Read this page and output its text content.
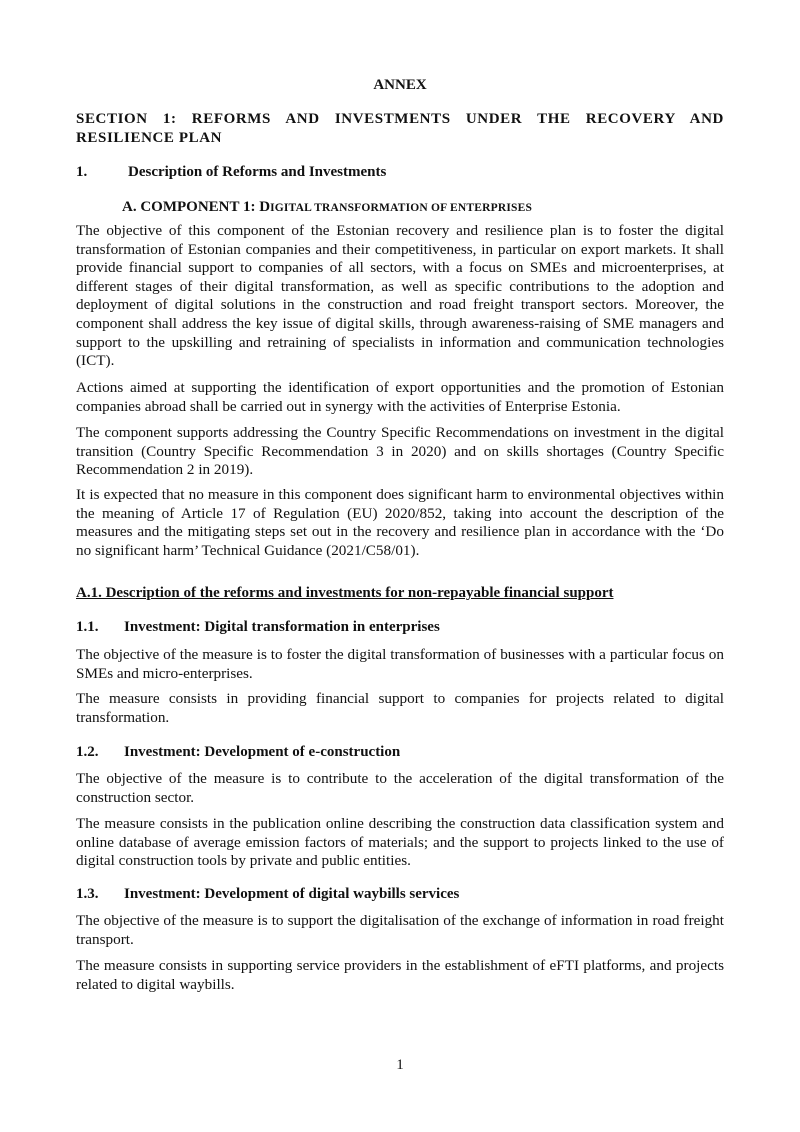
ANNEX
SECTION 1: REFORMS AND INVESTMENTS UNDER THE RECOVERY AND RESILIENCE PLAN
1.	Description of Reforms and Investments
A. COMPONENT 1: DIGITAL TRANSFORMATION OF ENTERPRISES

The objective of this component of the Estonian recovery and resilience plan is to foster the digital transformation of Estonian companies and their competitiveness, in particular on export markets. It shall provide financial support to companies of all sectors, with a focus on SMEs and microenterprises, at different stages of their digital transformation, as well as specific contributions to the adoption and deployment of digital solutions in the construction and road freight transport sectors. Moreover, the component shall address the key issue of digital skills, through awareness-raising of SME managers and support to the upskilling and retraining of specialists in information and communication technologies (ICT).

Actions aimed at supporting the identification of export opportunities and the promotion of Estonian companies abroad shall be carried out in synergy with the activities of Enterprise Estonia.

The component supports addressing the Country Specific Recommendations on investment in the digital transition (Country Specific Recommendation 3 in 2020) and on skills shortages (Country Specific Recommendation 2 in 2019).

It is expected that no measure in this component does significant harm to environmental objectives within the meaning of Article 17 of Regulation (EU) 2020/852, taking into account the description of the measures and the mitigating steps set out in the recovery and resilience plan in accordance with the ‘Do no significant harm’ Technical Guidance (2021/C58/01).

A.1. Description of the reforms and investments for non-repayable financial support
1.1. Investment: Digital transformation in enterprises

The objective of the measure is to foster the digital transformation of businesses with a particular focus on SMEs and micro-enterprises.

The measure consists in providing financial support to companies for projects related to digital transformation.

1.2. Investment: Development of e-construction

The objective of the measure is to contribute to the acceleration of the digital transformation of the construction sector.

The measure consists in the publication online describing the construction data classification system and online database of average emission factors of materials; and the support to projects linked to the use of digital construction tools by private and public entities.

1.3. Investment: Development of digital waybills services

The objective of the measure is to support the digitalisation of the exchange of information in road freight transport.

The measure consists in supporting service providers in the establishment of eFTI platforms, and projects related to digital waybills.

1
